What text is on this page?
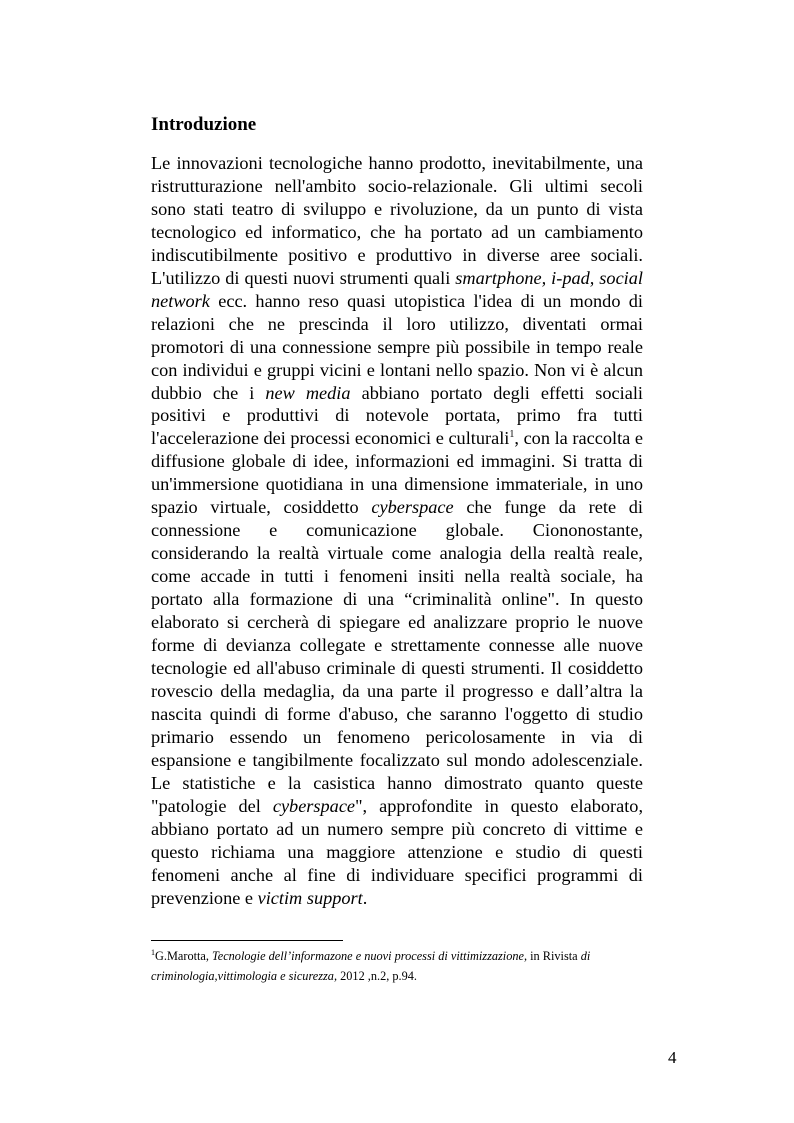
Introduzione

Le innovazioni tecnologiche hanno prodotto, inevitabilmente, una ristrutturazione nell'ambito socio-relazionale. Gli ultimi secoli sono stati teatro di sviluppo e rivoluzione, da un punto di vista tecnologico ed informatico, che ha portato ad un cambiamento indiscutibilmente positivo e produttivo in diverse aree sociali. L'utilizzo di questi nuovi strumenti quali smartphone, i-pad, social network ecc. hanno reso quasi utopistica l'idea di un mondo di relazioni che ne prescinda il loro utilizzo, diventati ormai promotori di una connessione sempre più possibile in tempo reale con individui e gruppi vicini e lontani nello spazio. Non vi è alcun dubbio che i new media abbiano portato degli effetti sociali positivi e produttivi di notevole portata, primo fra tutti l'accelerazione dei processi economici e culturali$^1$, con la raccolta e diffusione globale di idee, informazioni ed immagini. Si tratta di un'immersione quotidiana in una dimensione immateriale, in uno spazio virtuale, cosiddetto cyberspace che funge da rete di connessione e comunicazione globale. Ciononostante, considerando la realtà virtuale come analogia della realtà reale, come accade in tutti i fenomeni insiti nella realtà sociale, ha portato alla formazione di una “criminalità online". In questo elaborato si cercherà di spiegare ed analizzare proprio le nuove forme di devianza collegate e strettamente connesse alle nuove tecnologie ed all'abuso criminale di questi strumenti. Il cosiddetto rovescio della medaglia, da una parte il progresso e dall’altra la nascita quindi di forme d'abuso, che saranno l'oggetto di studio primario essendo un fenomeno pericolosamente in via di espansione e tangibilmente focalizzato sul mondo adolescenziale. Le statistiche e la casistica hanno dimostrato quanto queste "patologie del cyberspace", approfondite in questo elaborato, abbiano portato ad un numero sempre più concreto di vittime e questo richiama una maggiore attenzione e studio di questi fenomeni anche al fine di individuare specifici programmi di prevenzione e victim support.

$^1$G.Marotta, Tecnologie dell’informazone e nuovi processi di vittimizzazione, in Rivista di criminologia,vittimologia e sicurezza, 2012 ,n.2, p.94.

4
